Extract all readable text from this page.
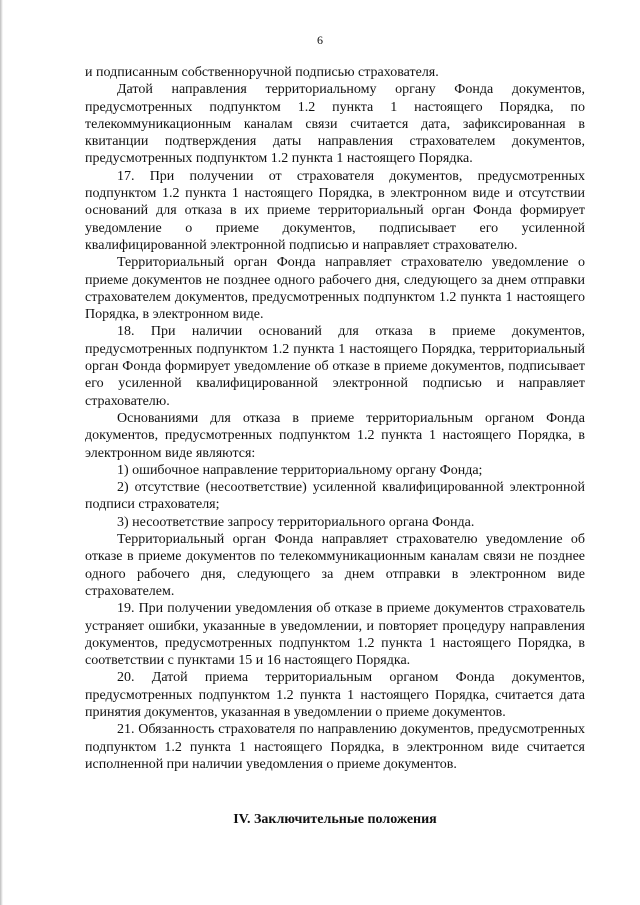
6

и подписанным собственноручной подписью страхователя.

Датой направления территориальному органу Фонда документов, предусмотренных подпунктом 1.2 пункта 1 настоящего Порядка, по телекоммуникационным каналам связи считается дата, зафиксированная в квитанции подтверждения даты направления страхователем документов, предусмотренных подпунктом 1.2 пункта 1 настоящего Порядка.

17. При получении от страхователя документов, предусмотренных подпунктом 1.2 пункта 1 настоящего Порядка, в электронном виде и отсутствии оснований для отказа в их приеме территориальный орган Фонда формирует уведомление о приеме документов, подписывает его усиленной квалифицированной электронной подписью и направляет страхователю.

Территориальный орган Фонда направляет страхователю уведомление о приеме документов не позднее одного рабочего дня, следующего за днем отправки страхователем документов, предусмотренных подпунктом 1.2 пункта 1 настоящего Порядка, в электронном виде.

18. При наличии оснований для отказа в приеме документов, предусмотренных подпунктом 1.2 пункта 1 настоящего Порядка, территориальный орган Фонда формирует уведомление об отказе в приеме документов, подписывает его усиленной квалифицированной электронной подписью и направляет страхователю.

Основаниями для отказа в приеме территориальным органом Фонда документов, предусмотренных подпунктом 1.2 пункта 1 настоящего Порядка, в электронном виде являются:

1) ошибочное направление территориальному органу Фонда;

2) отсутствие (несоответствие) усиленной квалифицированной электронной подписи страхователя;

3) несоответствие запросу территориального органа Фонда.

Территориальный орган Фонда направляет страхователю уведомление об отказе в приеме документов по телекоммуникационным каналам связи не позднее одного рабочего дня, следующего за днем отправки в электронном виде страхователем.

19. При получении уведомления об отказе в приеме документов страхователь устраняет ошибки, указанные в уведомлении, и повторяет процедуру направления документов, предусмотренных подпунктом 1.2 пункта 1 настоящего Порядка, в соответствии с пунктами 15 и 16 настоящего Порядка.

20. Датой приема территориальным органом Фонда документов, предусмотренных подпунктом 1.2 пункта 1 настоящего Порядка, считается дата принятия документов, указанная в уведомлении о приеме документов.

21. Обязанность страхователя по направлению документов, предусмотренных подпунктом 1.2 пункта 1 настоящего Порядка, в электронном виде считается исполненной при наличии уведомления о приеме документов.

IV. Заключительные положения
